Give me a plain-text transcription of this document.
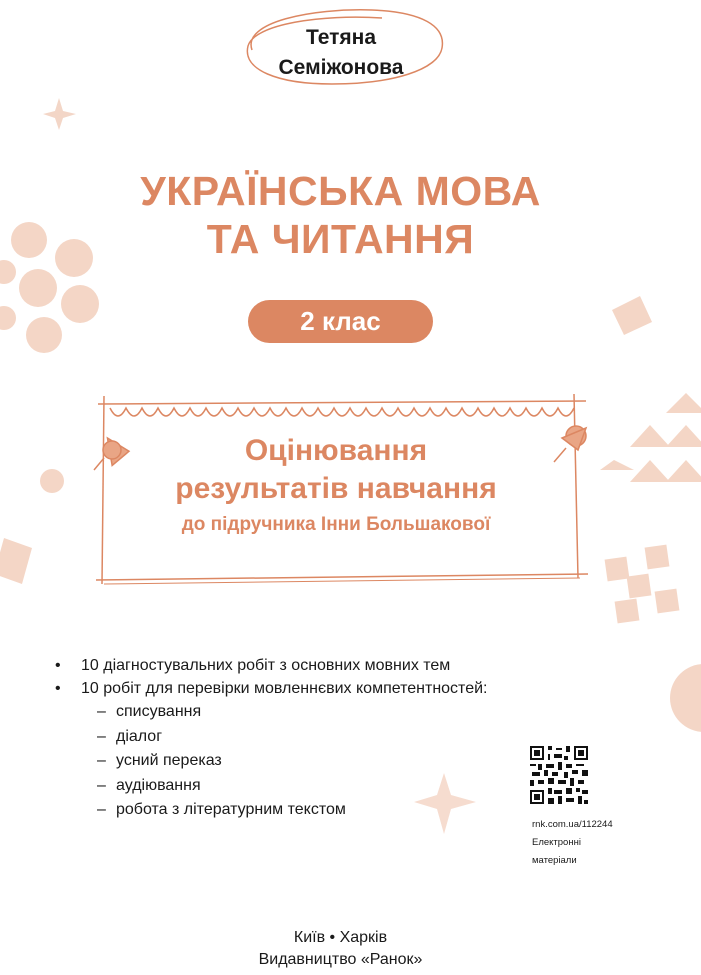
Тетяна
Семіжонова
УКРАЇНСЬКА МОВА
ТА ЧИТАННЯ
2 клас
Оцінювання
результатів навчання
до підручника Інни Большакової
• 10 діагностувальних робіт з основних мовних тем
• 10 робіт для перевірки мовленнєвих компетентностей:
– списування
– діалог
– усний переказ
– аудіювання
– робота з літературним текстом
rnk.com.ua/112244
Електронні
матеріали
Київ • Харків
Видавництво «Ранок»
